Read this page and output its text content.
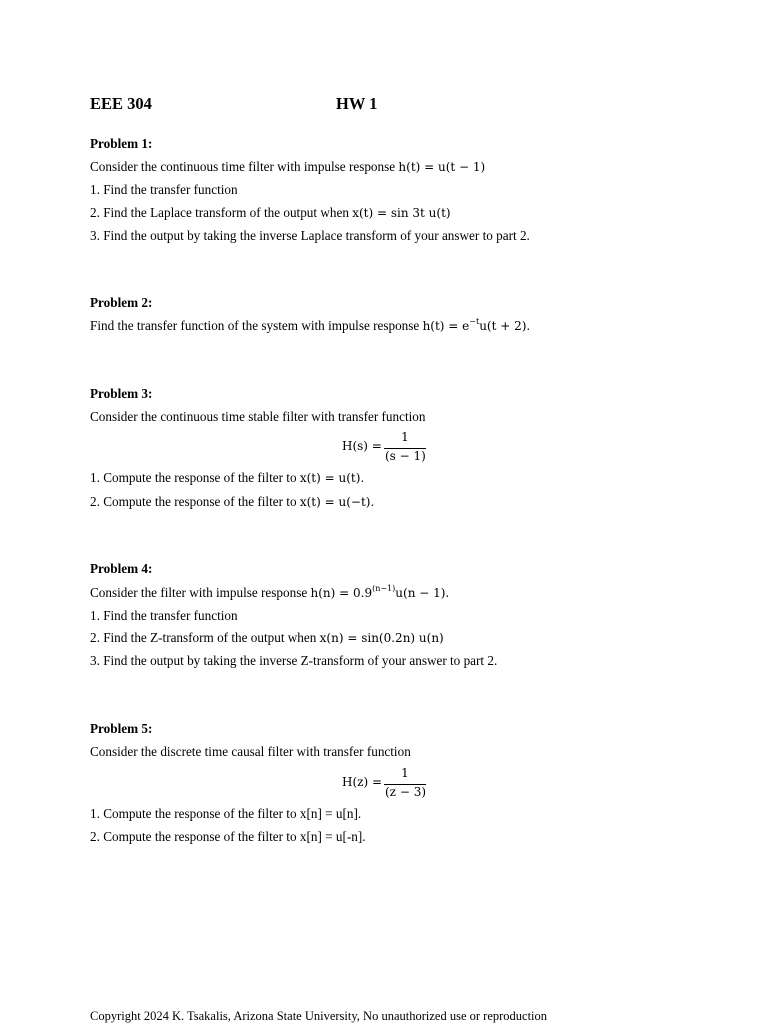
EEE 304	HW 1
Problem 1:
Consider the continuous time filter with impulse response h(t) = u(t − 1)
1. Find the transfer function
2. Find the Laplace transform of the output when x(t) = sin 3t u(t)
3. Find the output by taking the inverse Laplace transform of your answer to part 2.
Problem 2:
Find the transfer function of the system with impulse response $h(t) = e^{-t}u(t + 2)$.
Problem 3:
Consider the continuous time stable filter with transfer function
H(s) =
1
(s − 1)
1. Compute the response of the filter to x(t) = u(t).
2. Compute the response of the filter to x(t) = u(−t).
Problem 4:
Consider the filter with impulse response $h(n) = 0.9^{(n-1)}u(n - 1)$.
1. Find the transfer function
2. Find the Z-transform of the output when x(n) = sin(0.2n) u(n)
3. Find the output by taking the inverse Z-transform of your answer to part 2.
Problem 5:
Consider the discrete time causal filter with transfer function
H(z) =
1
(z − 3)
1. Compute the response of the filter to x[n] = u[n].
2. Compute the response of the filter to x[n] = u[-n].
Copyright 2024 K. Tsakalis, Arizona State University, No unauthorized use or reproduction
